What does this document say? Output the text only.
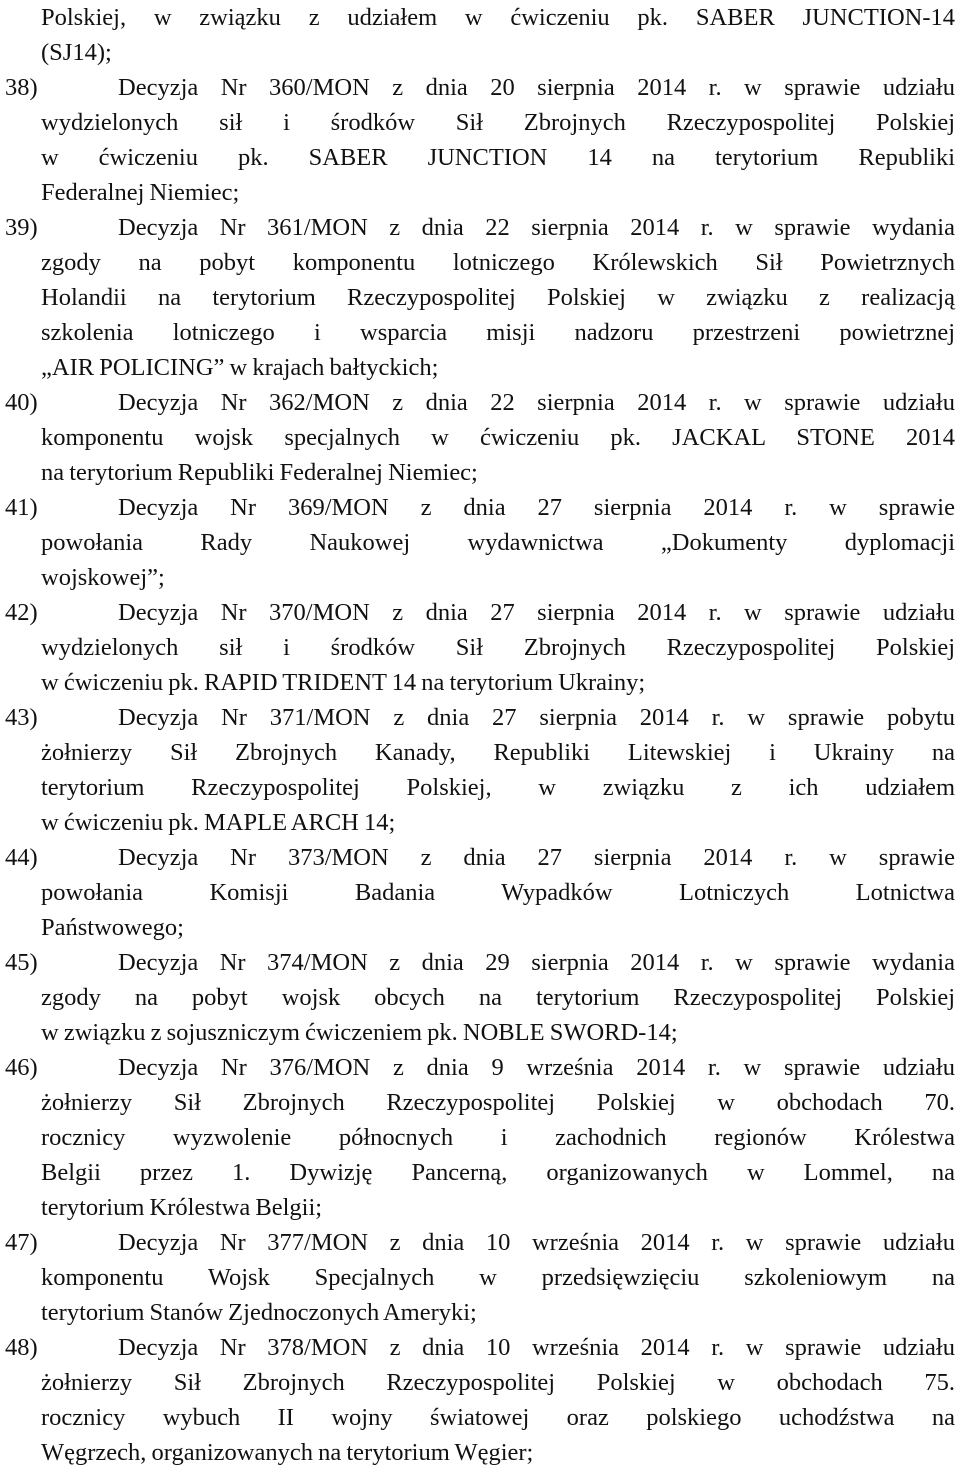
Polskiej, w związku z udziałem w ćwiczeniu pk. SABER JUNCTION-14
(SJ14);
38)	Decyzja Nr 360/MON z dnia 20 sierpnia 2014 r. w sprawie udziału
wydzielonych sił i środków Sił Zbrojnych Rzeczypospolitej Polskiej
w ćwiczeniu pk. SABER JUNCTION 14 na terytorium Republiki
Federalnej Niemiec;
39)	Decyzja Nr 361/MON z dnia 22 sierpnia 2014 r. w sprawie wydania
zgody na pobyt komponentu lotniczego Królewskich Sił Powietrznych
Holandii na terytorium Rzeczypospolitej Polskiej w związku z realizacją
szkolenia lotniczego i wsparcia misji nadzoru przestrzeni powietrznej
„AIR POLICING” w krajach bałtyckich;
40)	Decyzja Nr 362/MON z dnia 22 sierpnia 2014 r. w sprawie udziału
komponentu wojsk specjalnych w ćwiczeniu pk. JACKAL STONE 2014
na terytorium Republiki Federalnej Niemiec;
41)	Decyzja Nr 369/MON z dnia 27 sierpnia 2014 r. w sprawie
powołania Rady Naukowej wydawnictwa „Dokumenty dyplomacji
wojskowej”;
42)	Decyzja Nr 370/MON z dnia 27 sierpnia 2014 r. w sprawie udziału
wydzielonych sił i środków Sił Zbrojnych Rzeczypospolitej Polskiej
w ćwiczeniu pk. RAPID TRIDENT 14 na terytorium Ukrainy;
43)	Decyzja Nr 371/MON z dnia 27 sierpnia 2014 r. w sprawie pobytu
żołnierzy Sił Zbrojnych Kanady, Republiki Litewskiej i Ukrainy na
terytorium Rzeczypospolitej Polskiej, w związku z ich udziałem
w ćwiczeniu pk. MAPLE ARCH 14;
44)	Decyzja Nr 373/MON z dnia 27 sierpnia 2014 r. w sprawie
powołania Komisji Badania Wypadków Lotniczych Lotnictwa
Państwowego;
45)	Decyzja Nr 374/MON z dnia 29 sierpnia 2014 r. w sprawie wydania
zgody na pobyt wojsk obcych na terytorium Rzeczypospolitej Polskiej
w związku z sojuszniczym ćwiczeniem pk. NOBLE SWORD-14;
46)	Decyzja Nr 376/MON z dnia 9 września 2014 r. w sprawie udziału
żołnierzy Sił Zbrojnych Rzeczypospolitej Polskiej w obchodach 70.
rocznicy wyzwolenie północnych i zachodnich regionów Królestwa
Belgii przez 1. Dywizję Pancerną, organizowanych w Lommel, na
terytorium Królestwa Belgii;
47)	Decyzja Nr 377/MON z dnia 10 września 2014 r. w sprawie udziału
komponentu Wojsk Specjalnych w przedsięwzięciu szkoleniowym na
terytorium Stanów Zjednoczonych Ameryki;
48)	Decyzja Nr 378/MON z dnia 10 września 2014 r. w sprawie udziału
żołnierzy Sił Zbrojnych Rzeczypospolitej Polskiej w obchodach 75.
rocznicy wybuch II wojny światowej oraz polskiego uchodźstwa na
Węgrzech, organizowanych na terytorium Węgier;
